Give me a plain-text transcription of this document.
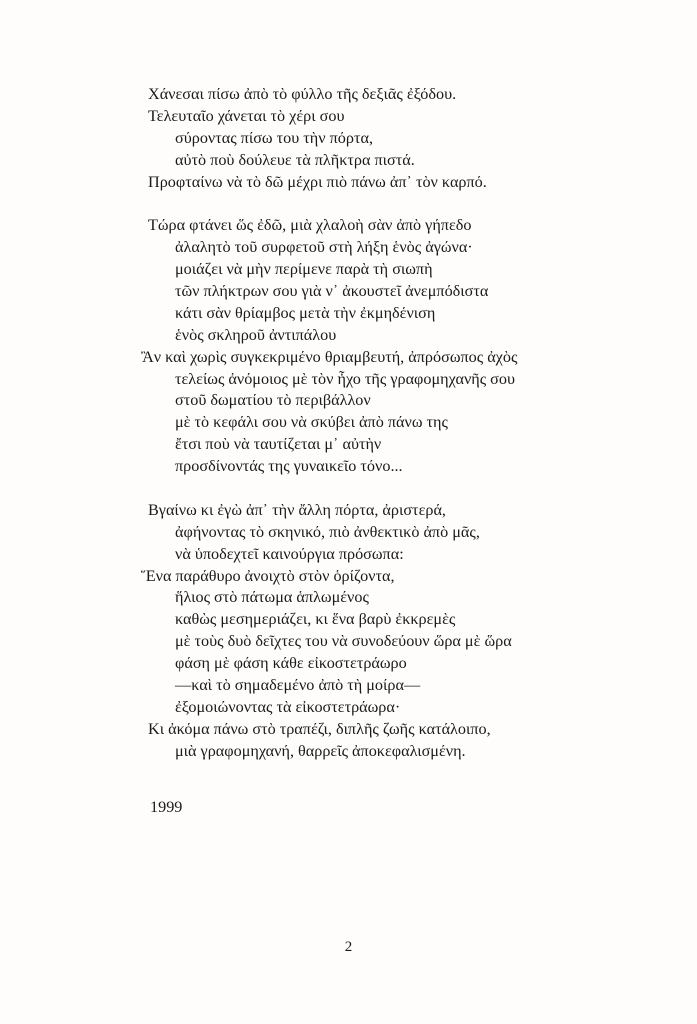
Χάνεσαι πίσω ἀπὸ τὸ φύλλο τῆς δεξιᾶς ἐξόδου.
Τελευταῖο χάνεται τὸ χέρι σου
σύροντας πίσω του τὴν πόρτα,
αὐτὸ ποὺ δούλευε τὰ πλῆκτρα πιστά.
Προφταίνω νὰ τὸ δῶ μέχρι πιὸ πάνω ἀπ᾽ τὸν καρπό.
Τώρα φτάνει ὥς ἐδῶ, μιὰ χλαλοὴ σὰν ἀπὸ γήπεδο
ἀλαλητὸ τοῦ συρφετοῦ στὴ λήξη ἑνὸς ἀγώνα·
μοιάζει νὰ μὴν περίμενε παρὰ τὴ σιωπὴ
τῶν πλήκτρων σου γιὰ ν᾽ ἀκουστεῖ ἀνεμπόδιστα
κάτι σὰν θρίαμβος μετὰ τὴν ἐκμηδένιση
ἑνὸς σκληροῦ ἀντιπάλου
Ἂν καὶ χωρὶς συγκεκριμένο θριαμβευτή, ἀπρόσωπος ἀχὸς
τελείως ἀνόμοιος μὲ τὸν ἦχο τῆς γραφομηχανῆς σου
στοῦ δωματίου τὸ περιβάλλον
μὲ τὸ κεφάλι σου νὰ σκύβει ἀπὸ πάνω της
ἔτσι ποὺ νὰ ταυτίζεται μ᾽ αὐτὴν
προσδίνοντάς της γυναικεῖο τόνο...
Βγαίνω κι ἐγὼ ἀπ᾽ τὴν ἄλλη πόρτα, ἀριστερά,
ἀφήνοντας τὸ σκηνικό, πιὸ ἀνθεκτικὸ ἀπὸ μᾶς,
νὰ ὑποδεχτεῖ καινούργια πρόσωπα:
Ἕνα παράθυρο ἀνοιχτὸ στὸν ὁρίζοντα,
ἥλιος στὸ πάτωμα ἁπλωμένος
καθὼς μεσημεριάζει, κι ἕνα βαρὺ ἐκκρεμὲς
μὲ τοὺς δυὸ δεῖχτες του νὰ συνοδεύουν ὥρα μὲ ὥρα
φάση μὲ φάση κάθε εἰκοστετράωρο
—καὶ τὸ σημαδεμένο ἀπὸ τὴ μοίρα—
ἐξομοιώνοντας τὰ εἰκοστετράωρα·
Κι ἀκόμα πάνω στὸ τραπέζι, διπλῆς ζωῆς κατάλοιπο,
μιὰ γραφομηχανή, θαρρεῖς ἀποκεφαλισμένη.
1999
2
